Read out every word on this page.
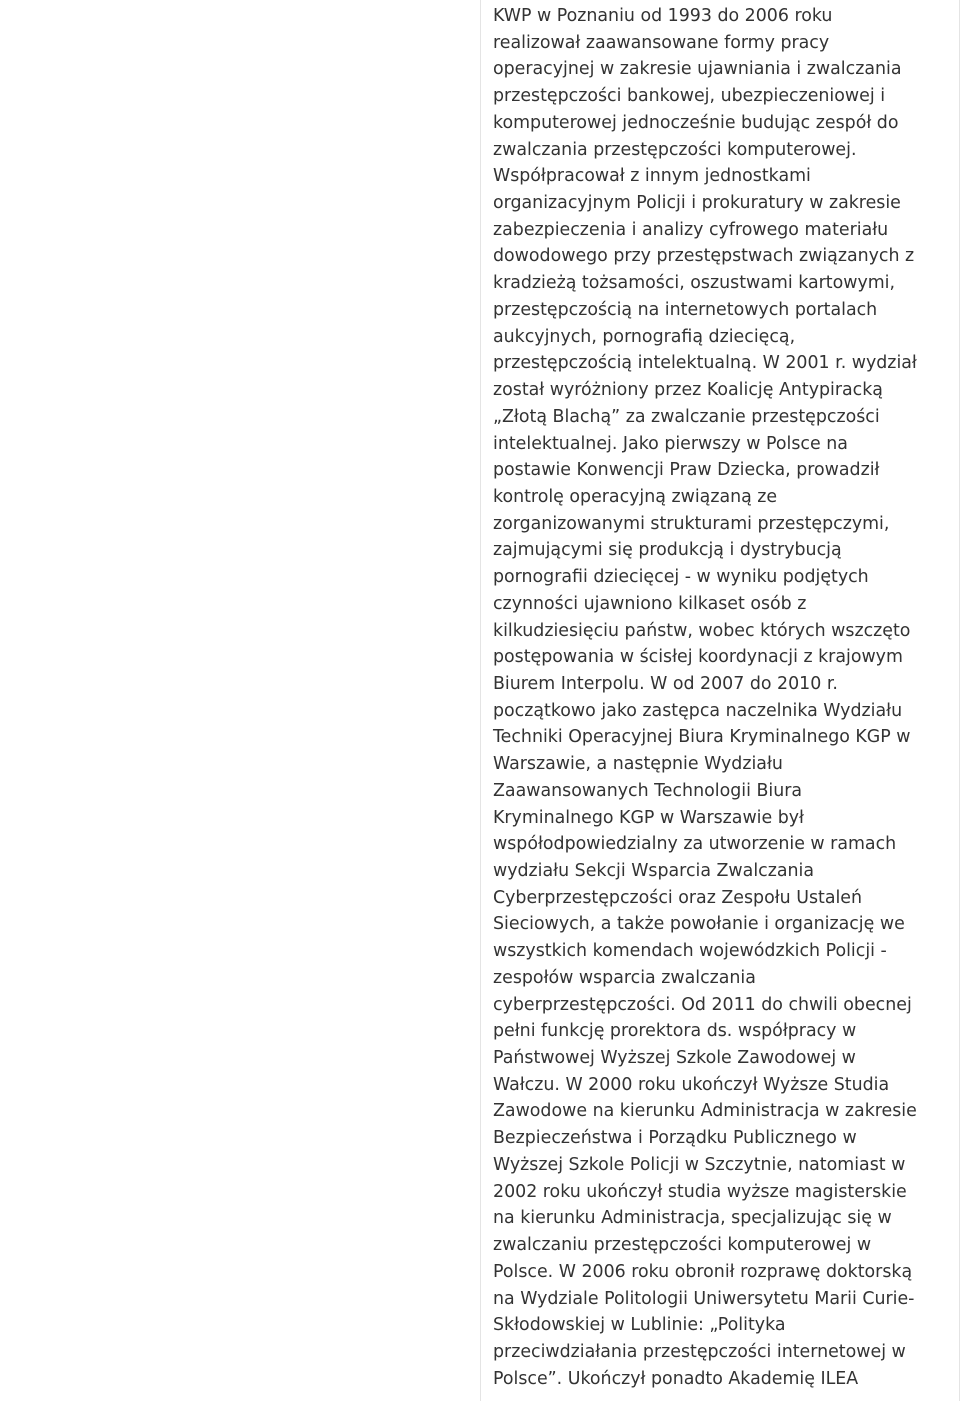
KWP w Poznaniu od 1993 do 2006 roku
realizował zaawansowane formy pracy
operacyjnej w zakresie ujawniania i zwalczania
przestępczości bankowej, ubezpieczeniowej i
komputerowej jednocześnie budując zespół do
zwalczania przestępczości komputerowej.
Współpracował z innym jednostkami
organizacyjnym Policji i prokuratury w zakresie
zabezpieczenia i analizy cyfrowego materiału
dowodowego przy przestępstwach związanych z
kradzieżą tożsamości, oszustwami kartowymi,
przestępczością na internetowych portalach
aukcyjnych, pornografią dziecięcą,
przestępczością intelektualną. W 2001 r. wydział
został wyróżniony przez Koalicję Antypiracką
„Złotą Blachą” za zwalczanie przestępczości
intelektualnej. Jako pierwszy w Polsce na
postawie Konwencji Praw Dziecka, prowadził
kontrolę operacyjną związaną ze
zorganizowanymi strukturami przestępczymi,
zajmującymi się produkcją i dystrybucją
pornografii dziecięcej - w wyniku podjętych
czynności ujawniono kilkaset osób z
kilkudziesięciu państw, wobec których wszczęto
postępowania w ścisłej koordynacji z krajowym
Biurem Interpolu. W od 2007 do 2010 r.
początkowo jako zastępca naczelnika Wydziału
Techniki Operacyjnej Biura Kryminalnego KGP w
Warszawie, a następnie Wydziału
Zaawansowanych Technologii Biura
Kryminalnego KGP w Warszawie był
współodpowiedzialny za utworzenie w ramach
wydziału Sekcji Wsparcia Zwalczania
Cyberprzestępczości oraz Zespołu Ustaleń
Sieciowych, a także powołanie i organizację we
wszystkich komendach wojewódzkich Policji -
zespołów wsparcia zwalczania
cyberprzestępczości. Od 2011 do chwili obecnej
pełni funkcję prorektora ds. współpracy w
Państwowej Wyższej Szkole Zawodowej w
Wałczu. W 2000 roku ukończył Wyższe Studia
Zawodowe na kierunku Administracja w zakresie
Bezpieczeństwa i Porządku Publicznego w
Wyższej Szkole Policji w Szczytnie, natomiast w
2002 roku ukończył studia wyższe magisterskie
na kierunku Administracja, specjalizując się w
zwalczaniu przestępczości komputerowej w
Polsce. W 2006 roku obronił rozprawę doktorską
na Wydziale Politologii Uniwersytetu Marii Curie-
Skłodowskiej w Lublinie: „Polityka
przeciwdziałania przestępczości internetowej w
Polsce”. Ukończył ponadto Akademię ILEA
